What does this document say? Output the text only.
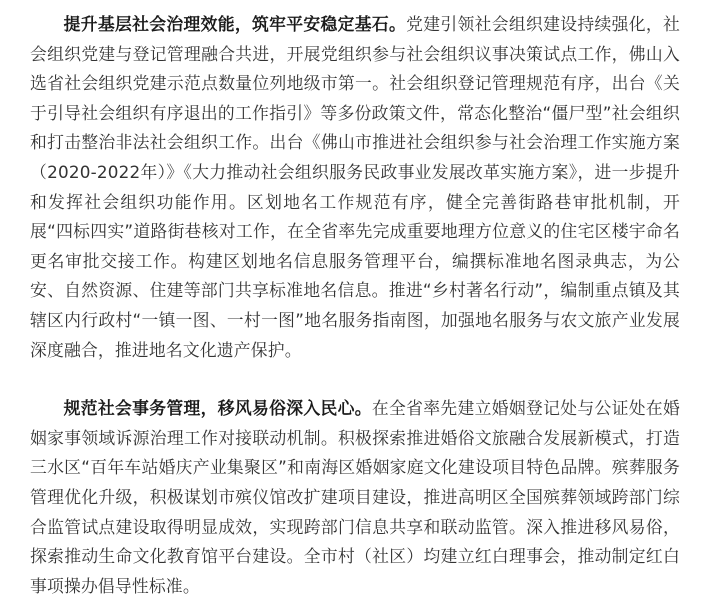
提升基层社会治理效能，筑牢平安稳定基石。党建引领社会组织建设持续强化，社会组织党建与登记管理融合共进，开展党组织参与社会组织议事决策试点工作，佛山入选省社会组织党建示范点数量位列地级市第一。社会组织登记管理规范有序，出台《关于引导社会组织有序退出的工作指引》等多份政策文件，常态化整治“僵尸型”社会组织和打击整治非法社会组织工作。出台《佛山市推进社会组织参与社会治理工作实施方案（2020-2022年）》《大力推动社会组织服务民政事业发展改革实施方案》，进一步提升和发挥社会组织功能作用。区划地名工作规范有序，健全完善街路巷审批机制，开展“四标四实”道路街巷核对工作，在全省率先完成重要地理方位意义的住宅区楼宇命名更名审批交接工作。构建区划地名信息服务管理平台，编撰标准地名图录典志，为公安、自然资源、住建等部门共享标准地名信息。推进“乡村著名行动”，编制重点镇及其辖区内行政村“一镇一图、一村一图”地名服务指南图，加强地名服务与农文旅产业发展深度融合，推进地名文化遗产保护。

规范社会事务管理，移风易俗深入民心。在全省率先建立婚姻登记处与公证处在婚姻家事领域诉源治理工作对接联动机制。积极探索推进婚俗文旅融合发展新模式，打造三水区“百年车站婚庆产业集聚区”和南海区婚姻家庭文化建设项目特色品牌。殡葬服务管理优化升级，积极谋划市殡仪馆改扩建项目建设，推进高明区全国殡葬领域跨部门综合监管试点建设取得明显成效，实现跨部门信息共享和联动监管。深入推进移风易俗，探索推动生命文化教育馆平台建设。全市村（社区）均建立红白理事会，推动制定红白事项操办倡导性标准。
